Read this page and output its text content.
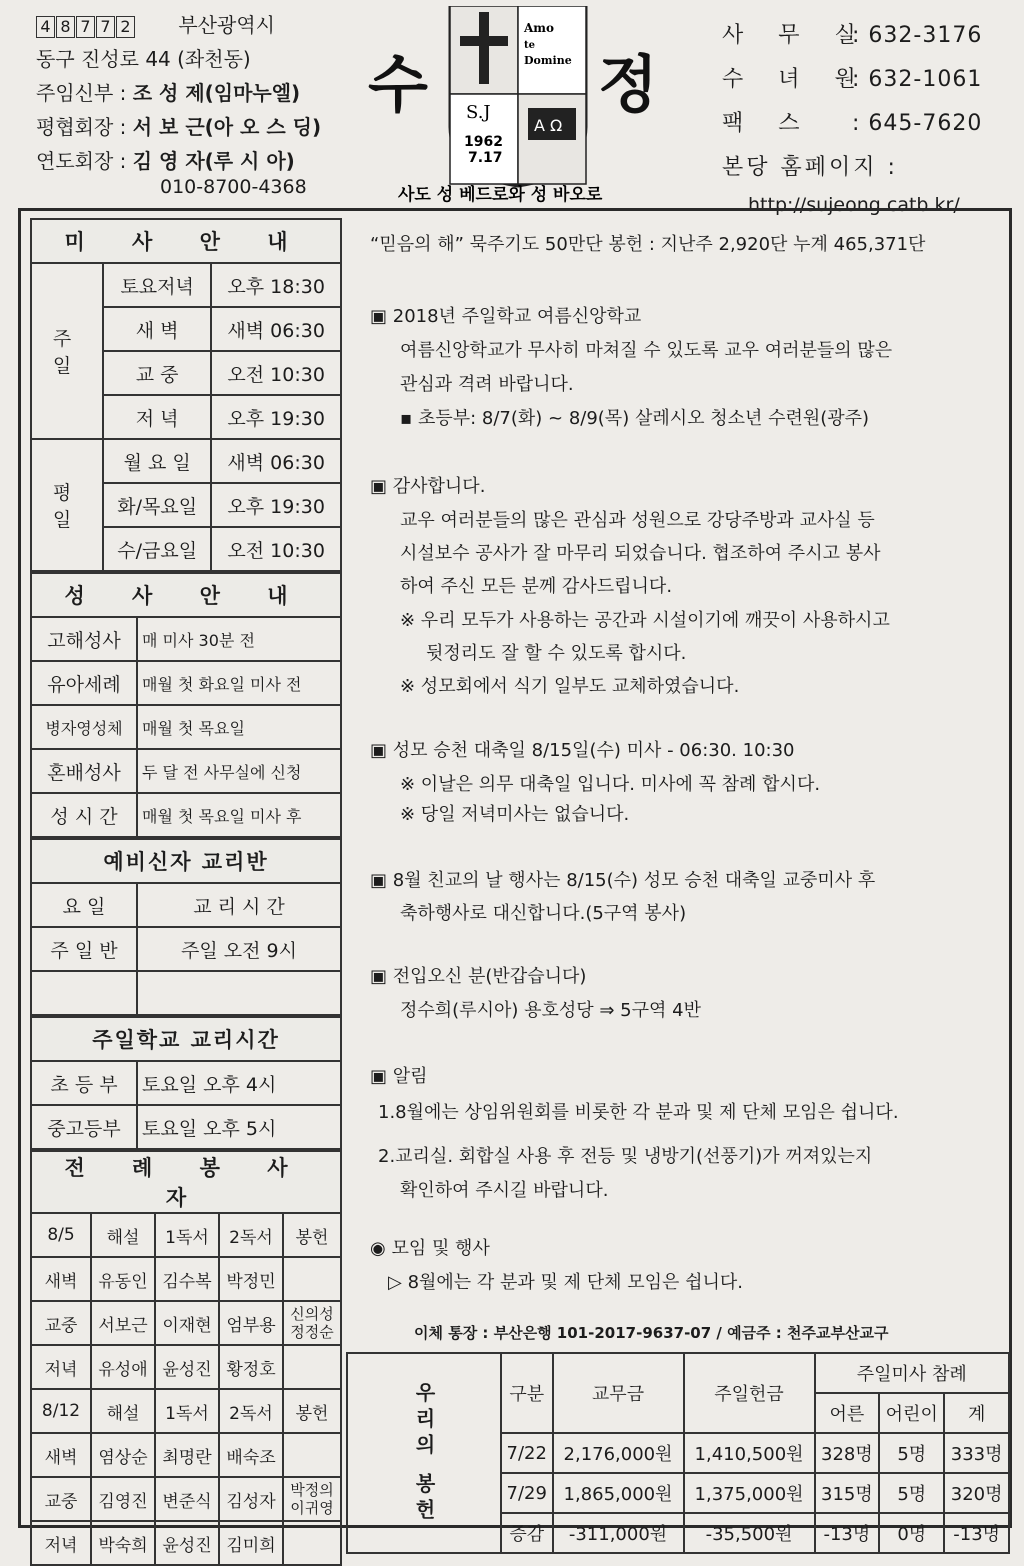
4 8 7 7 2 부산광역시
동구 진성로 44 (좌천동)
주임신부 : 조 성 제(임마누엘)
평협회장 : 서 보 근(아 오 스 딩)
연도회장 : 김 영 자(루 시 아)
010-8700-4368
수
Amo
te
Domine
S.J
1962
7.17
A Ω
정
사도 성 베드로와 성 바오로
사 무 실: 632-3176
수 녀 원: 632-1061
팩 스 : 645-7620
본당 홈페이지 :
http://sujeong.catb.kr/
미 사 안 내		
주 일	토요저녁	오후 18:30
	새 벽	새벽 06:30
	교 중	오전 10:30
	저 녁	오후 19:30
평 일	월 요 일	새벽 06:30
	화/목요일	오후 19:30
	수/금요일	오전 10:30
성 사 안 내	
고해성사	매 미사 30분 전
유아세례	매월 첫 화요일 미사 전
병자영성체	매월 첫 목요일
혼배성사	두 달 전 사무실에 신청
성 시 간	매월 첫 목요일 미사 후
예비신자 교리반	
요 일	교 리 시 간
주 일 반	주일 오전 9시

주일학교 교리시간	
초 등 부	토요일 오후 4시
중고등부	토요일 오후 5시
전 례 봉 사 자				
8/5	해설	1독서	2독서	봉헌
새벽	유동인	김수복	박정민	
교중	서보근	이재현	엄부용	신의성
정정순
저녁	유성애	윤성진	황정호	
8/12	해설	1독서	2독서	봉헌
새벽	염상순	최명란	배숙조	
교중	김영진	변준식	김성자	박정의
이귀영
저녁	박숙희	윤성진	김미희	
“믿음의 해” 묵주기도 50만단 봉헌 : 지난주 2,920단 누계 465,371단
▣ 2018년 주일학교 여름신앙학교
여름신앙학교가 무사히 마쳐질 수 있도록 교우 여러분들의 많은
관심과 격려 바랍니다.
▪ 초등부: 8/7(화) ~ 8/9(목) 살레시오 청소년 수련원(광주)
▣ 감사합니다.
교우 여러분들의 많은 관심과 성원으로 강당주방과 교사실 등
시설보수 공사가 잘 마무리 되었습니다. 협조하여 주시고 봉사
하여 주신 모든 분께 감사드립니다.
※ 우리 모두가 사용하는 공간과 시설이기에 깨끗이 사용하시고
뒷정리도 잘 할 수 있도록 합시다.
※ 성모회에서 식기 일부도 교체하였습니다.
▣ 성모 승천 대축일 8/15일(수) 미사 - 06:30. 10:30
※ 이날은 의무 대축일 입니다. 미사에 꼭 참례 합시다.
※ 당일 저녁미사는 없습니다.
▣ 8월 친교의 날 행사는 8/15(수) 성모 승천 대축일 교중미사 후
축하행사로 대신합니다.(5구역 봉사)
▣ 전입오신 분(반갑습니다)
정수희(루시아) 용호성당 ⇒ 5구역 4반
▣ 알림
1.8월에는 상임위원회를 비롯한 각 분과 및 제 단체 모임은 쉽니다.
2.교리실. 회합실 사용 후 전등 및 냉방기(선풍기)가 꺼져있는지
확인하여 주시길 바랍니다.
◉ 모임 및 행사
▷ 8월에는 각 분과 및 제 단체 모임은 쉽니다.
이체 통장 : 부산은행 101-2017-9637-07 / 예금주 : 천주교부산교구
우리의 봉헌	구분	교무금	주일헌금	주일미사 참례		
				어른	어린이	계
	7/22	2,176,000원	1,410,500원	328명	5명	333명
	7/29	1,865,000원	1,375,000원	315명	5명	320명
	증감	-311,000원	-35,500원	-13명	0명	-13명
